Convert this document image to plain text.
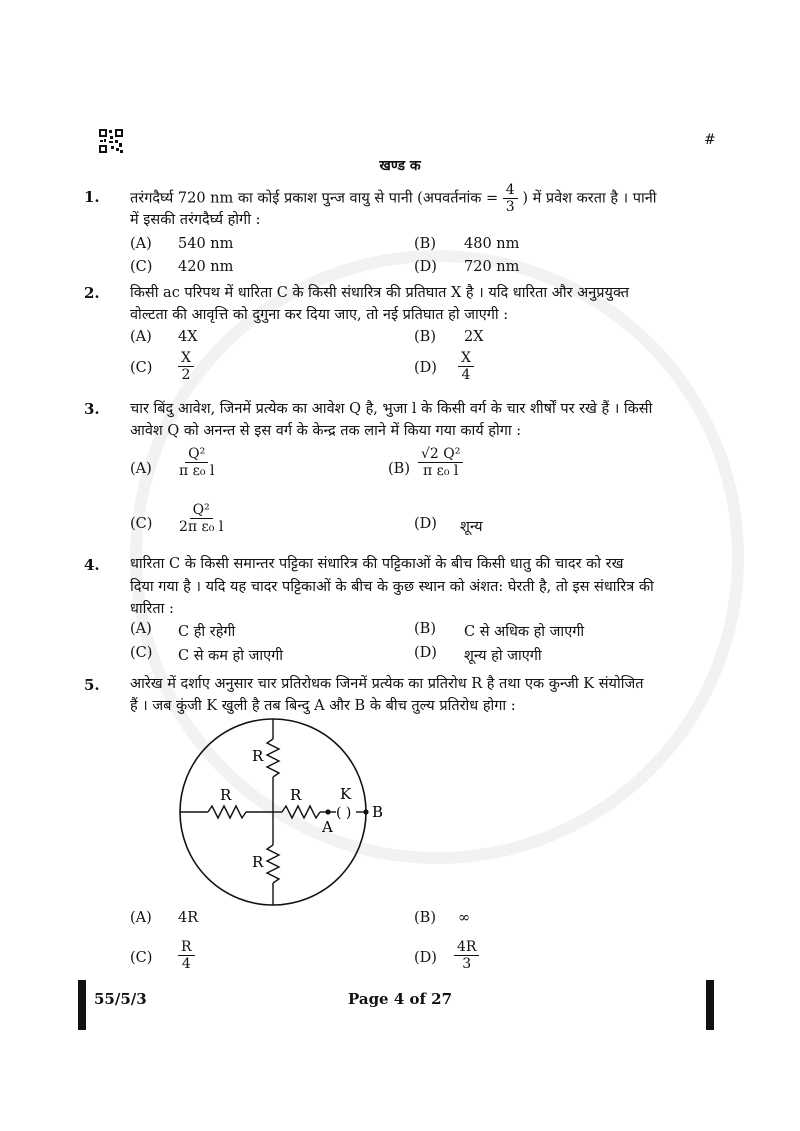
#
खण्ड क
1. तरंगदैर्घ्य 720 nm का कोई प्रकाश पुन्ज वायु से पानी (अपवर्तनांक = $\frac{4}{3}$ ) में प्रवेश करता है । पानी
में इसकी तरंगदैर्घ्य होगी :
(A) 540 nm	(B) 480 nm
(C) 420 nm	(D) 720 nm
2. किसी ac परिपथ में धारिता C के किसी संधारित्र की प्रतिघात X है । यदि धारिता और अनुप्रयुक्त
वोल्टता की आवृत्ति को दुगुना कर दिया जाए, तो नई प्रतिघात हो जाएगी :
(A) 4X	(B) 2X
$(C) \frac{X}{2}$	$(D) \frac{X}{4}$
3. चार बिंदु आवेश, जिनमें प्रत्येक का आवेश Q है, भुजा l के किसी वर्ग के चार शीर्षों पर रखे हैं । किसी
आवेश Q को अनन्त से इस वर्ग के केन्द्र तक लाने में किया गया कार्य होगा :
$(A) \frac{\text{Q²}}{\text{π ε₀ l}}$	$(B) \frac{\text{√2 Q²}}{\text{π ε₀ l}}$
$(C) \frac{\text{Q²}}{\text{2π ε₀ l}}$	(D) शून्य
4. धारिता C के किसी समान्तर पट्टिका संधारित्र की पट्टिकाओं के बीच किसी धातु की चादर को रख
दिया गया है । यदि यह चादर पट्टिकाओं के बीच के कुछ स्थान को अंशत: घेरती है, तो इस संधारित्र की
धारिता :
(A) C ही रहेगी	(B) C से अधिक हो जाएगी
(C) C से कम हो जाएगी	(D) शून्य हो जाएगी
5. आरेख में दर्शाए अनुसार चार प्रतिरोधक जिनमें प्रत्येक का प्रतिरोध R है तथा एक कुन्जी K संयोजित
हैं । जब कुंजी K खुली है तब बिन्दु A और B के बीच तुल्य प्रतिरोध होगा :
R
R	R
R
K
( )
A
B
(A) 4R	(B) ∞
$(C) \frac{R}{4}$	$(D) \frac{4R}{3}$
55/5/3	Page 4 of 27
